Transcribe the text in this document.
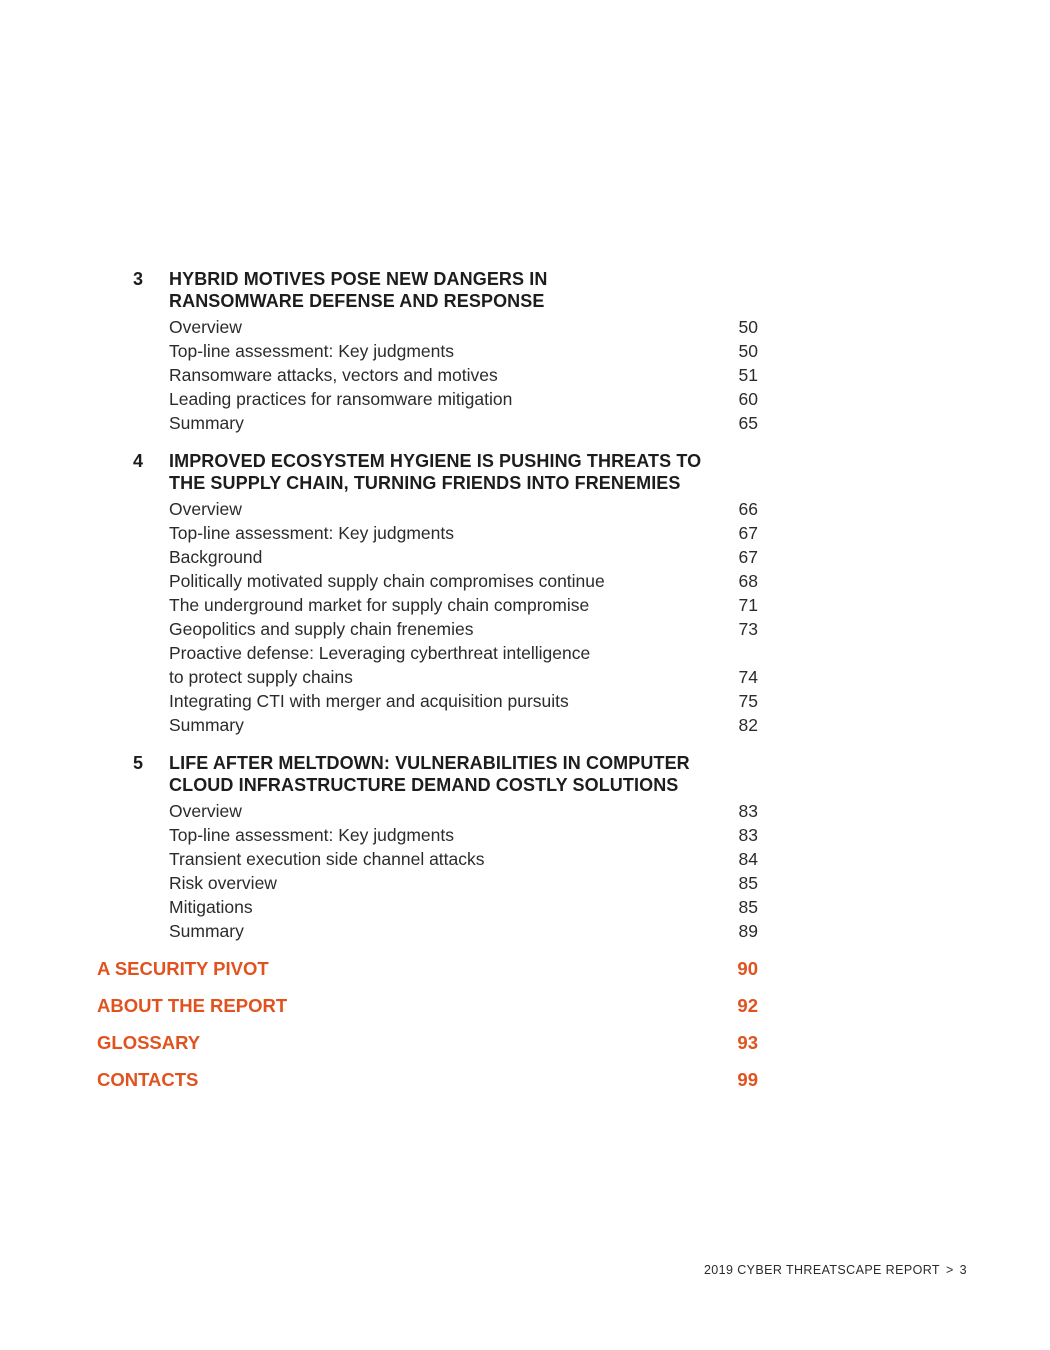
3 HYBRID MOTIVES POSE NEW DANGERS IN
RANSOMWARE DEFENSE AND RESPONSE
Overview	50
Top-line assessment: Key judgments	50
Ransomware attacks, vectors and motives	51
Leading practices for ransomware mitigation	60
Summary	65
4 IMPROVED ECOSYSTEM HYGIENE IS PUSHING THREATS TO
THE SUPPLY CHAIN, TURNING FRIENDS INTO FRENEMIES
Overview	66
Top-line assessment: Key judgments	67
Background	67
Politically motivated supply chain compromises continue	68
The underground market for supply chain compromise	71
Geopolitics and supply chain frenemies	73
Proactive defense: Leveraging cyberthreat intelligence
to protect supply chains	74
Integrating CTI with merger and acquisition pursuits	75
Summary	82
5 LIFE AFTER MELTDOWN: VULNERABILITIES IN COMPUTER
CLOUD INFRASTRUCTURE DEMAND COSTLY SOLUTIONS
Overview	83
Top-line assessment: Key judgments	83
Transient execution side channel attacks	84
Risk overview	85
Mitigations	85
Summary	89
A SECURITY PIVOT	90
ABOUT THE REPORT	92
GLOSSARY	93
CONTACTS	99
2019 CYBER THREATSCAPE REPORT > 3
